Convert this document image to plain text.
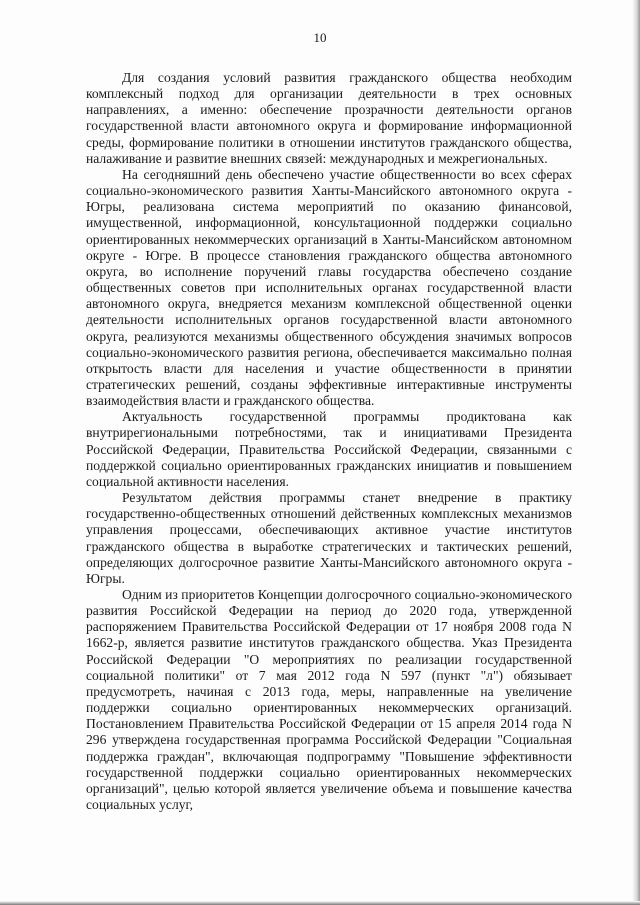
10

Для создания условий развития гражданского общества необходим комплексный подход для организации деятельности в трех основных направлениях, а именно: обеспечение прозрачности деятельности органов государственной власти автономного округа и формирование информационной среды, формирование политики в отношении институтов гражданского общества, налаживание и развитие внешних связей: международных и межрегиональных.

На сегодняшний день обеспечено участие общественности во всех сферах социально-экономического развития Ханты-Мансийского автономного округа - Югры, реализована система мероприятий по оказанию финансовой, имущественной, информационной, консультационной поддержки социально ориентированных некоммерческих организаций в Ханты-Мансийском автономном округе - Югре. В процессе становления гражданского общества автономного округа, во исполнение поручений главы государства обеспечено создание общественных советов при исполнительных органах государственной власти автономного округа, внедряется механизм комплексной общественной оценки деятельности исполнительных органов государственной власти автономного округа, реализуются механизмы общественного обсуждения значимых вопросов социально-экономического развития региона, обеспечивается максимально полная открытость власти для населения и участие общественности в принятии стратегических решений, созданы эффективные интерактивные инструменты взаимодействия власти и гражданского общества.

Актуальность государственной программы продиктована как внутрирегиональными потребностями, так и инициативами Президента Российской Федерации, Правительства Российской Федерации, связанными с поддержкой социально ориентированных гражданских инициатив и повышением социальной активности населения.

Результатом действия программы станет внедрение в практику государственно-общественных отношений действенных комплексных механизмов управления процессами, обеспечивающих активное участие институтов гражданского общества в выработке стратегических и тактических решений, определяющих долгосрочное развитие Ханты-Мансийского автономного округа - Югры.

Одним из приоритетов Концепции долгосрочного социально-экономического развития Российской Федерации на период до 2020 года, утвержденной распоряжением Правительства Российской Федерации от 17 ноября 2008 года N 1662-р, является развитие институтов гражданского общества. Указ Президента Российской Федерации "О мероприятиях по реализации государственной социальной политики" от 7 мая 2012 года N 597 (пункт "л") обязывает предусмотреть, начиная с 2013 года, меры, направленные на увеличение поддержки социально ориентированных некоммерческих организаций. Постановлением Правительства Российской Федерации от 15 апреля 2014 года N 296 утверждена государственная программа Российской Федерации "Социальная поддержка граждан", включающая подпрограмму "Повышение эффективности государственной поддержки социально ориентированных некоммерческих организаций", целью которой является увеличение объема и повышение качества социальных услуг,
